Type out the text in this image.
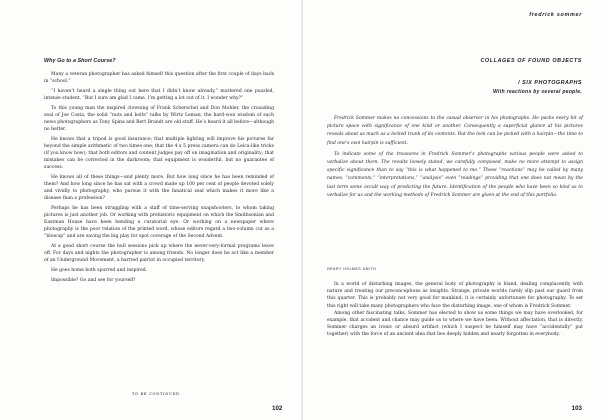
Why Go to a Short Course?

Many a veteran photographer has asked himself this question after the first couple of days back in “school.”

“I haven’t heard a single thing out here that I didn’t know already,” muttered one puzzled, intense student. “But I sure am glad I came. I’m getting a lot out of it. I wonder why?”

To this young man the inspired clowning of Frank Scherschel and Don Mohler, the crusading zeal of Joe Costa, the solid “nuts and bolts” talks by Wirtz Leman, the hard-won wisdom of such news photographers as Tony Spina and Bert Brandt are old stuff. He’s heard it all before—although no better.

He knows that a tripod is good insurance; that multiple lighting will improve his pictures far beyond the simple arithmetic of two times one; that the 4 x 5 press camera can do Leica-like tricks (if you know how); that both editors and content judges pay off on imagination and originality; that mistakes can be corrected in the darkroom; that equipment is wonderful, but no guarantee of success.

He knows all of these things—and plenty more. But how long since he has been reminded of them? And how long since he has sat with a crowd made up 100 per cent of people devoted solely and vividly to photography, who pursue it with the fanatical zeal which makes it more like a disease than a profession?

Perhaps he has been struggling with a staff of time-serving snapshooters, to whom taking pictures is just another job. Or working with prehistoric equipment on which the Smithsonian and Eastman House have been bending a curatorial eye. Or working on a newspaper where photography is the poor relation of the printed word, whose editors regard a two-column cut as a “blowup” and are saving the big play for spot coverage of the Second Advent.

At a good short course the bull sessions pick up where the never-very-formal programs leave off. For days and nights the photographer is among friends. No longer does he act like a member of an Underground Movement, a harried patriot in occupied territory.

He goes home both spurred and inspired.

Impossible? Go and see for yourself!

TO BE CONTINUED
102
fredrick sommer
COLLAGES OF FOUND OBJECTS
/ SIX PHOTOGRAPHS
With reactions by several people.

Fredrick Sommer makes no concessions to the casual observer in his photographs. He packs every bit of picture space with significance of one kind or another. Consequently a superficial glance at his pictures reveals about as much as a locked trunk of its contents. But the lock can be picked with a hairpin—the time to find one’s own hairpin is sufficient.

To indicate some of the treasures in Fredrick Sommer’s photographs various people were asked to verbalize about them. The results loosely stated, we carefully composed, make no more attempt to assign specific significance than to say “this is what happened to me.” These “reactions” may be called by many names, “comments,” “interpretations,” “analysis” even “readings” providing that one does not mean by the last term some occult way of predicting the future. Identification of the people who have been so kind as to verbalize for us and the working methods of Fredrick Sommer are given at the end of this portfolio.

HENRY HOLMES SMITH

In a world of disturbing images, the general body of photography is bland, dealing complacently with nature and treating our preconceptions as insights. Strange, private worlds rarely slip past our guard from this quarter. This is probably not very good for mankind; it is certainly unfortunate for photography. To set this right will take many photographers who face the disturbing image, one of whom is Fredrick Sommer.

Among other fascinating talks, Sommer has elected to show us some things we may have overlooked, for example, that accident and chance may guide us to where we have been. Without affectation, that is directly, Sommer charges an ironic or absurd artifact (which I suspect he himself may have “accidentally” put together) with the force of an ancient idea that lies deeply hidden and nearly forgotten in everybody.

103
